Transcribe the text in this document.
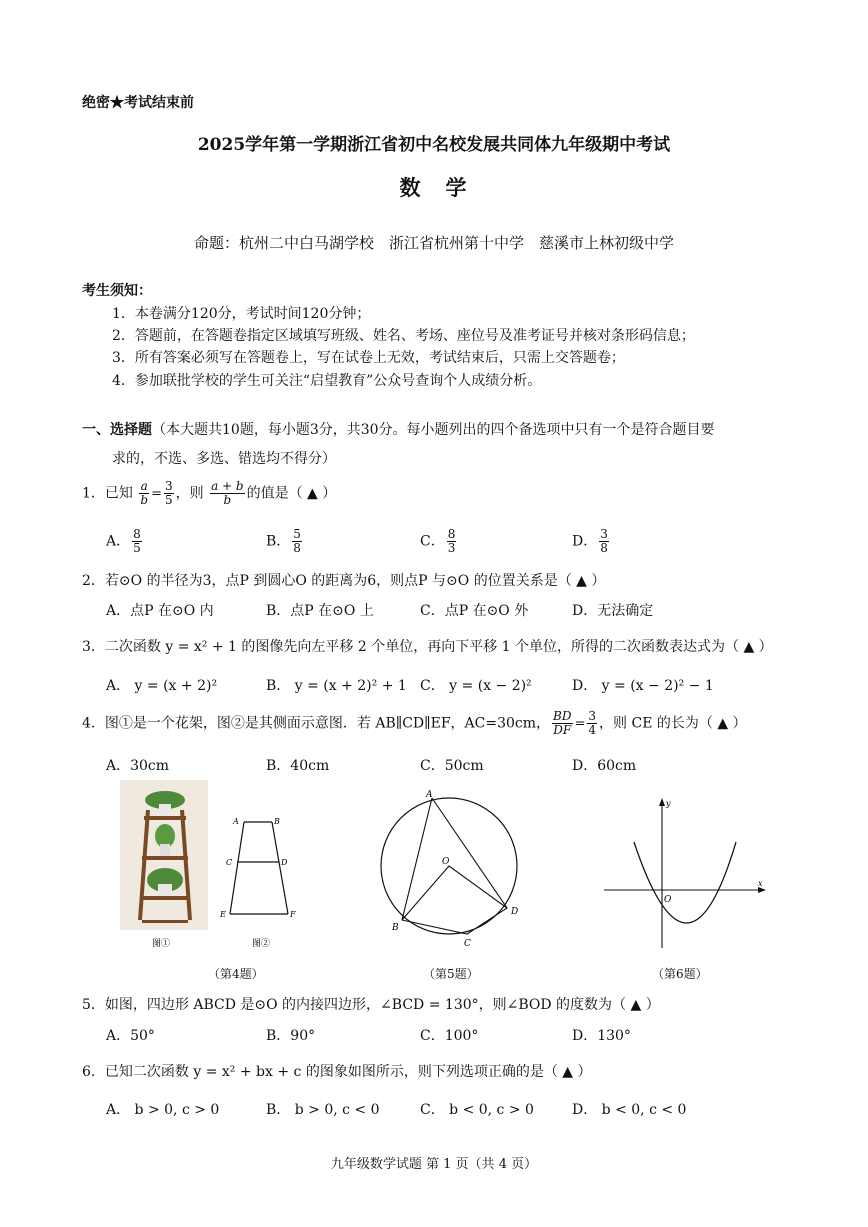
绝密★考试结束前
2025学年第一学期浙江省初中名校发展共同体九年级期中考试
数　学
命题：杭州二中白马湖学校　浙江省杭州第十中学　慈溪市上林初级中学
考生须知：
1．本卷满分120分，考试时间120分钟；
2．答题前，在答题卷指定区域填写班级、姓名、考场、座位号及准考证号并核对条形码信息；
3．所有答案必须写在答题卷上，写在试卷上无效，考试结束后，只需上交答题卷；
4．参加联批学校的学生可关注“启望教育”公众号查询个人成绩分析。
一、选择题（本大题共10题，每小题3分，共30分。每小题列出的四个备选项中只有一个是符合题目要
求的，不选、多选、错选均不得分）
1．已知 $\frac{a}{b} = \frac{3}{5}$ ，则 $\frac{a + b}{b}$ 的值是（ ▲ ）
A． $\frac{8}{5}$	B． $\frac{5}{8}$	C． $\frac{8}{3}$	D． $\frac{3}{8}$
2．若⊙O 的半径为3，点P 到圆心O 的距离为6，则点P 与⊙O 的位置关系是（ ▲ ）
A．点P 在⊙O 内	B．点P 在⊙O 上	C．点P 在⊙O 外	D．无法确定
3．二次函数 y = x² + 1 的图像先向左平移 2 个单位，再向下平移 1 个单位，所得的二次函数表达式为（ ▲ ）
A． y = (x + 2)²	B． y = (x + 2)² + 1 C． y = (x − 2)²	D． y = (x − 2)² − 1
4．图①是一个花架，图②是其侧面示意图．若 AB∥CD∥EF，AC=30cm， $\frac{BD}{DF} = \frac{3}{4}$ ，则 CE 的长为（ ▲ ）
A．30cm	B．40cm	C．50cm	D．60cm
图①
A	B
C	D
E	F
图②
A
O
B
C
D
y
x
O
（第4题）	（第5题）	（第6题）
5．如图，四边形 ABCD 是⊙O 的内接四边形，∠BCD = 130°，则∠BOD 的度数为（ ▲ ）
A．50°	B．90°	C．100°	D．130°
6．已知二次函数 y = x² + bx + c 的图象如图所示，则下列选项正确的是（ ▲ ）
A． b > 0, c > 0	B． b > 0, c < 0	C． b < 0, c > 0	D． b < 0, c < 0
九年级数学试题 第 1 页（共 4 页）
